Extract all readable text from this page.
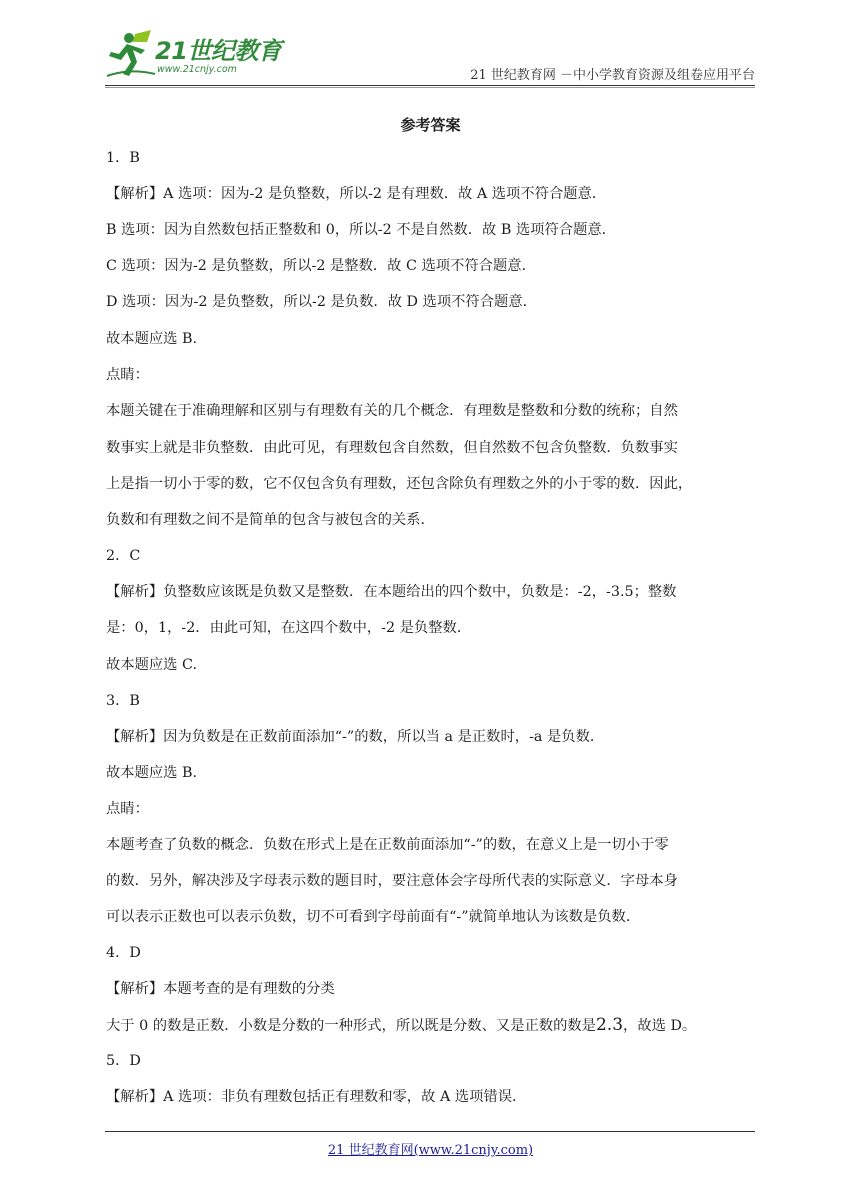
21世纪教育
www.21cnjy.com	21 世纪教育网 －中小学教育资源及组卷应用平台
参考答案
1．B
【解析】A 选项：因为-2 是负整数，所以-2 是有理数．故 A 选项不符合题意．
B 选项：因为自然数包括正整数和 0，所以-2 不是自然数．故 B 选项符合题意．
C 选项：因为-2 是负整数，所以-2 是整数．故 C 选项不符合题意．
D 选项：因为-2 是负整数，所以-2 是负数．故 D 选项不符合题意．
故本题应选 B.
点睛：
本题关键在于准确理解和区别与有理数有关的几个概念．有理数是整数和分数的统称；自然
数事实上就是非负整数．由此可见，有理数包含自然数，但自然数不包含负整数．负数事实
上是指一切小于零的数，它不仅包含负有理数，还包含除负有理数之外的小于零的数．因此，
负数和有理数之间不是简单的包含与被包含的关系．
2．C
【解析】负整数应该既是负数又是整数．在本题给出的四个数中，负数是：-2，-3.5；整数
是：0，1，-2．由此可知，在这四个数中，-2 是负整数．
故本题应选 C.
3．B
【解析】因为负数是在正数前面添加“-”的数，所以当 a 是正数时，-a 是负数．
故本题应选 B.
点睛：
本题考查了负数的概念．负数在形式上是在正数前面添加“-”的数，在意义上是一切小于零
的数．另外，解决涉及字母表示数的题目时，要注意体会字母所代表的实际意义．字母本身
可以表示正数也可以表示负数，切不可看到字母前面有“-”就简单地认为该数是负数．
4．D
【解析】本题考查的是有理数的分类
大于 0 的数是正数．小数是分数的一种形式，所以既是分数、又是正数的数是2.3，故选 D。
5．D
【解析】A 选项：非负有理数包括正有理数和零，故 A 选项错误．
21 世纪教育网(www.21cnjy.com)
